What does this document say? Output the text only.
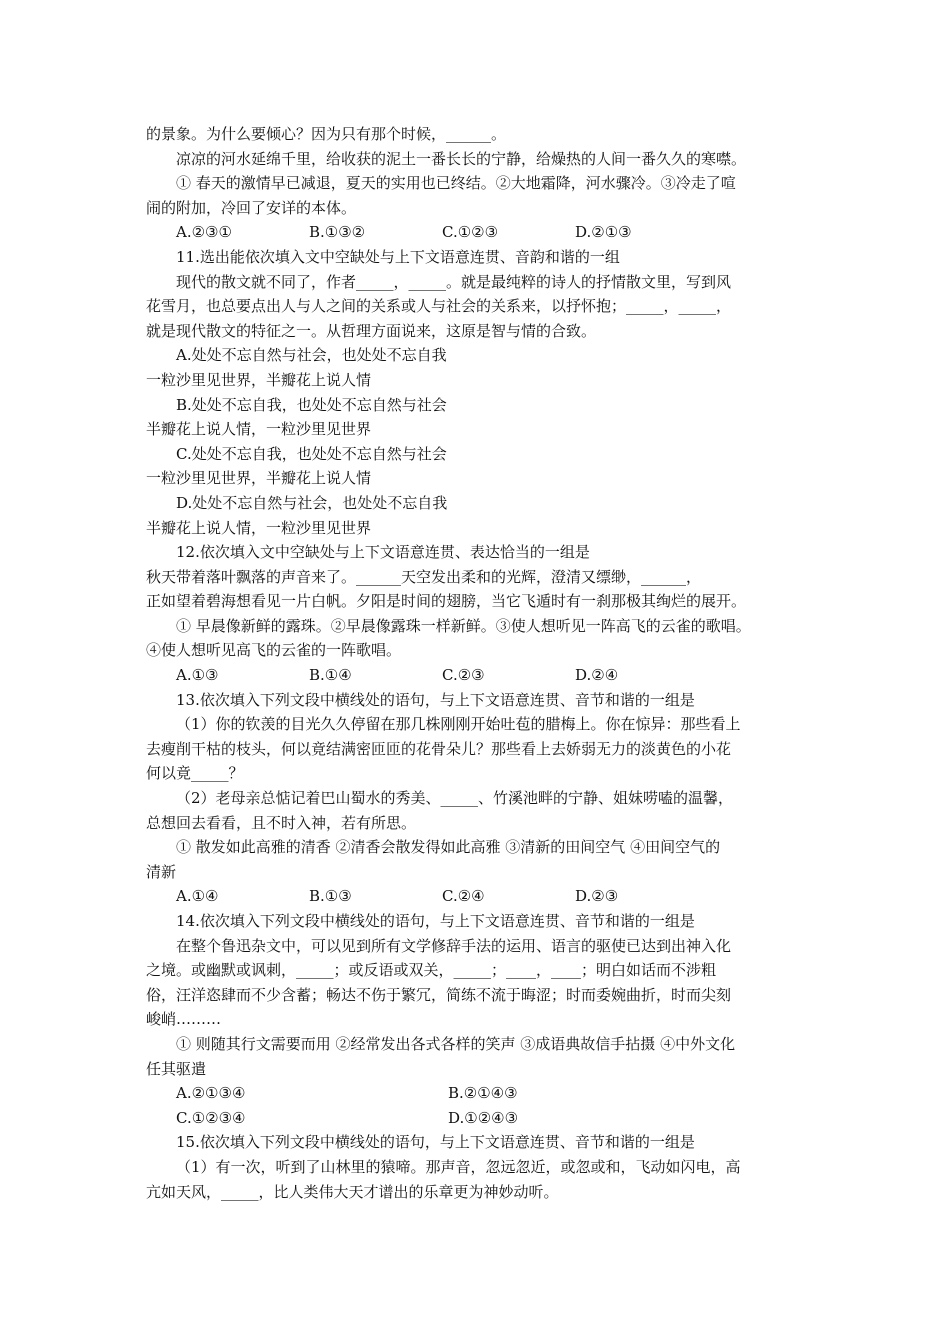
的景象。为什么要倾心？因为只有那个时候，______。
凉凉的河水延绵千里，给收获的泥土一番长长的宁静，给燥热的人间一番久久的寒噤。
① 春天的激情早已减退，夏天的实用也已终结。②大地霜降，河水骤冷。③冷走了喧
闹的附加，冷回了安详的本体。
A.②③①	B.①③②	C.①②③	D.②①③
11.选出能依次填入文中空缺处与上下文语意连贯、音韵和谐的一组
现代的散文就不同了，作者_____，_____。就是最纯粹的诗人的抒情散文里，写到风
花雪月，也总要点出人与人之间的关系或人与社会的关系来，以抒怀抱；_____，_____，
就是现代散文的特征之一。从哲理方面说来，这原是智与情的合致。
A.处处不忘自然与社会，也处处不忘自我
一粒沙里见世界，半瓣花上说人情
B.处处不忘自我，也处处不忘自然与社会
半瓣花上说人情，一粒沙里见世界
C.处处不忘自我，也处处不忘自然与社会
一粒沙里见世界，半瓣花上说人情
D.处处不忘自然与社会，也处处不忘自我
半瓣花上说人情，一粒沙里见世界
12.依次填入文中空缺处与上下文语意连贯、表达恰当的一组是
秋天带着落叶飘落的声音来了。______天空发出柔和的光辉，澄清又缥缈，______，
正如望着碧海想看见一片白帆。夕阳是时间的翅膀，当它飞遁时有一刹那极其绚烂的展开。
① 早晨像新鲜的露珠。②早晨像露珠一样新鲜。③使人想听见一阵高飞的云雀的歌唱。
④使人想听见高飞的云雀的一阵歌唱。
A.①③	B.①④	C.②③	D.②④
13.依次填入下列文段中横线处的语句，与上下文语意连贯、音节和谐的一组是
（1）你的钦羡的目光久久停留在那几株刚刚开始吐苞的腊梅上。你在惊异：那些看上
去瘦削干枯的枝头，何以竟结满密匝匝的花骨朵儿？那些看上去娇弱无力的淡黄色的小花
何以竟_____？
（2）老母亲总惦记着巴山蜀水的秀美、_____、竹溪池畔的宁静、姐妹唠嗑的温馨，
总想回去看看，且不时入神，若有所思。
① 散发如此高雅的清香 ②清香会散发得如此高雅 ③清新的田间空气 ④田间空气的
清新
A.①④	B.①③	C.②④	D.②③
14.依次填入下列文段中横线处的语句，与上下文语意连贯、音节和谐的一组是
在整个鲁迅杂文中，可以见到所有文学修辞手法的运用、语言的驱使已达到出神入化
之境。或幽默或讽刺，_____；或反语或双关，_____；____，____；明白如话而不涉粗
俗，汪洋恣肆而不少含蓄；畅达不伤于繁冗，简练不流于晦涩；时而委婉曲折，时而尖刻
峻峭………
① 则随其行文需要而用 ②经常发出各式各样的笑声 ③成语典故信手拈摄 ④中外文化
任其驱遣
A.②①③④	B.②①④③
C.①②③④	D.①②④③
15.依次填入下列文段中横线处的语句，与上下文语意连贯、音节和谐的一组是
（1）有一次，听到了山林里的猿啼。那声音，忽远忽近，或忽或和，飞动如闪电，高
亢如天风，_____，比人类伟大天才谱出的乐章更为神妙动听。
